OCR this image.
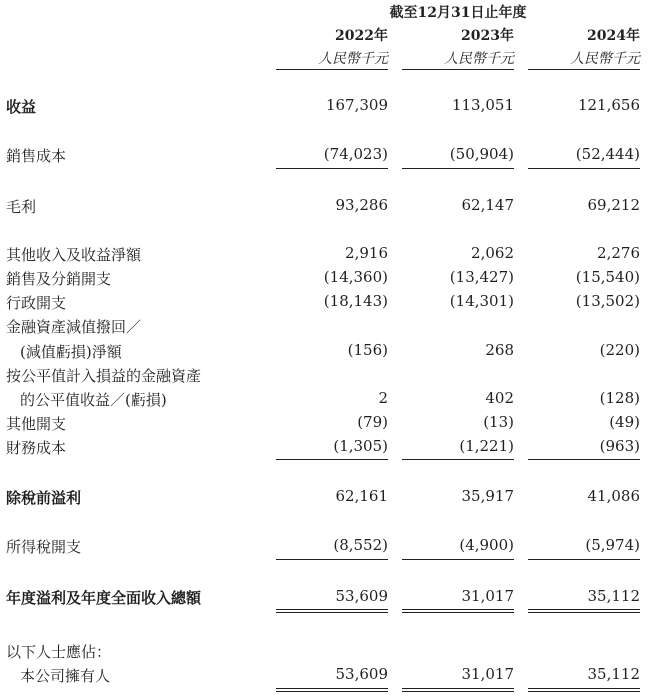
截至12月31日止年度
2022年	2023年	2024年
人民幣千元	人民幣千元	人民幣千元
收益	167,309	113,051	121,656
銷售成本	(74,023)	(50,904)	(52,444)
毛利	93,286	62,147	69,212
其他收入及收益淨額	2,916	2,062	2,276
銷售及分銷開支	(14,360)	(13,427)	(15,540)
行政開支	(18,143)	(14,301)	(13,502)
金融資產減值撥回／
(減值虧損)淨額	(156)	268	(220)
按公平值計入損益的金融資產
的公平值收益／(虧損)	2	402	(128)
其他開支	(79)	(13)	(49)
財務成本	(1,305)	(1,221)	(963)
除稅前溢利	62,161	35,917	41,086
所得稅開支	(8,552)	(4,900)	(5,974)
年度溢利及年度全面收入總額	53,609	31,017	35,112
以下人士應佔：
本公司擁有人	53,609	31,017	35,112
